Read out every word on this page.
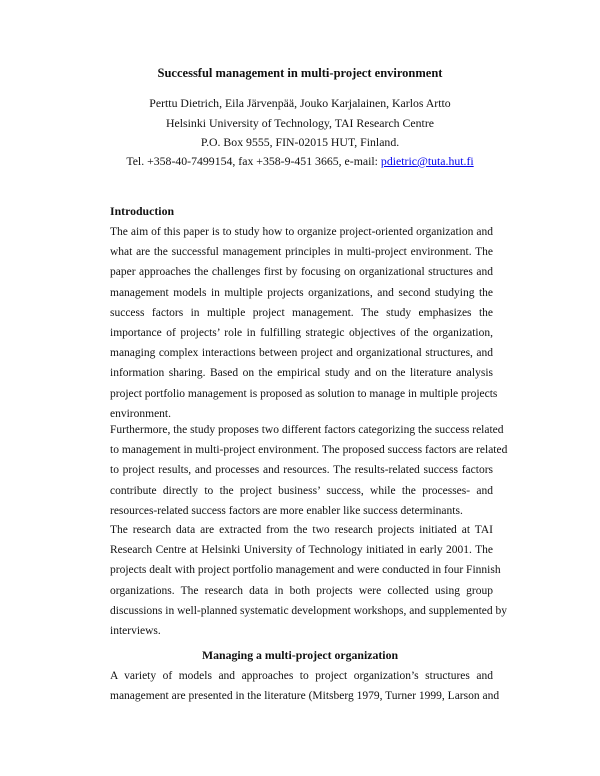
Successful management in multi-project environment
Perttu Dietrich, Eila Järvenpää, Jouko Karjalainen, Karlos Artto
Helsinki University of Technology, TAI Research Centre
P.O. Box 9555, FIN-02015 HUT, Finland.
Tel. +358-40-7499154, fax +358-9-451 3665, e-mail: pdietric@tuta.hut.fi
Introduction

The aim of this paper is to study how to organize project-oriented organization and
what are the successful management principles in multi-project environment. The
paper approaches the challenges first by focusing on organizational structures and
management models in multiple projects organizations, and second studying the
success factors in multiple project management. The study emphasizes the
importance of projects’ role in fulfilling strategic objectives of the organization,
managing complex interactions between project and organizational structures, and
information sharing. Based on the empirical study and on the literature analysis
project portfolio management is proposed as solution to manage in multiple projects
environment.

Furthermore, the study proposes two different factors categorizing the success related
to management in multi-project environment. The proposed success factors are related
to project results, and processes and resources. The results-related success factors
contribute directly to the project business’ success, while the processes- and
resources-related success factors are more enabler like success determinants.

The research data are extracted from the two research projects initiated at TAI
Research Centre at Helsinki University of Technology initiated in early 2001. The
projects dealt with project portfolio management and were conducted in four Finnish
organizations. The research data in both projects were collected using group
discussions in well-planned systematic development workshops, and supplemented by
interviews.

Managing a multi-project organization

A variety of models and approaches to project organization’s structures and
management are presented in the literature (Mitsberg 1979, Turner 1999, Larson and
